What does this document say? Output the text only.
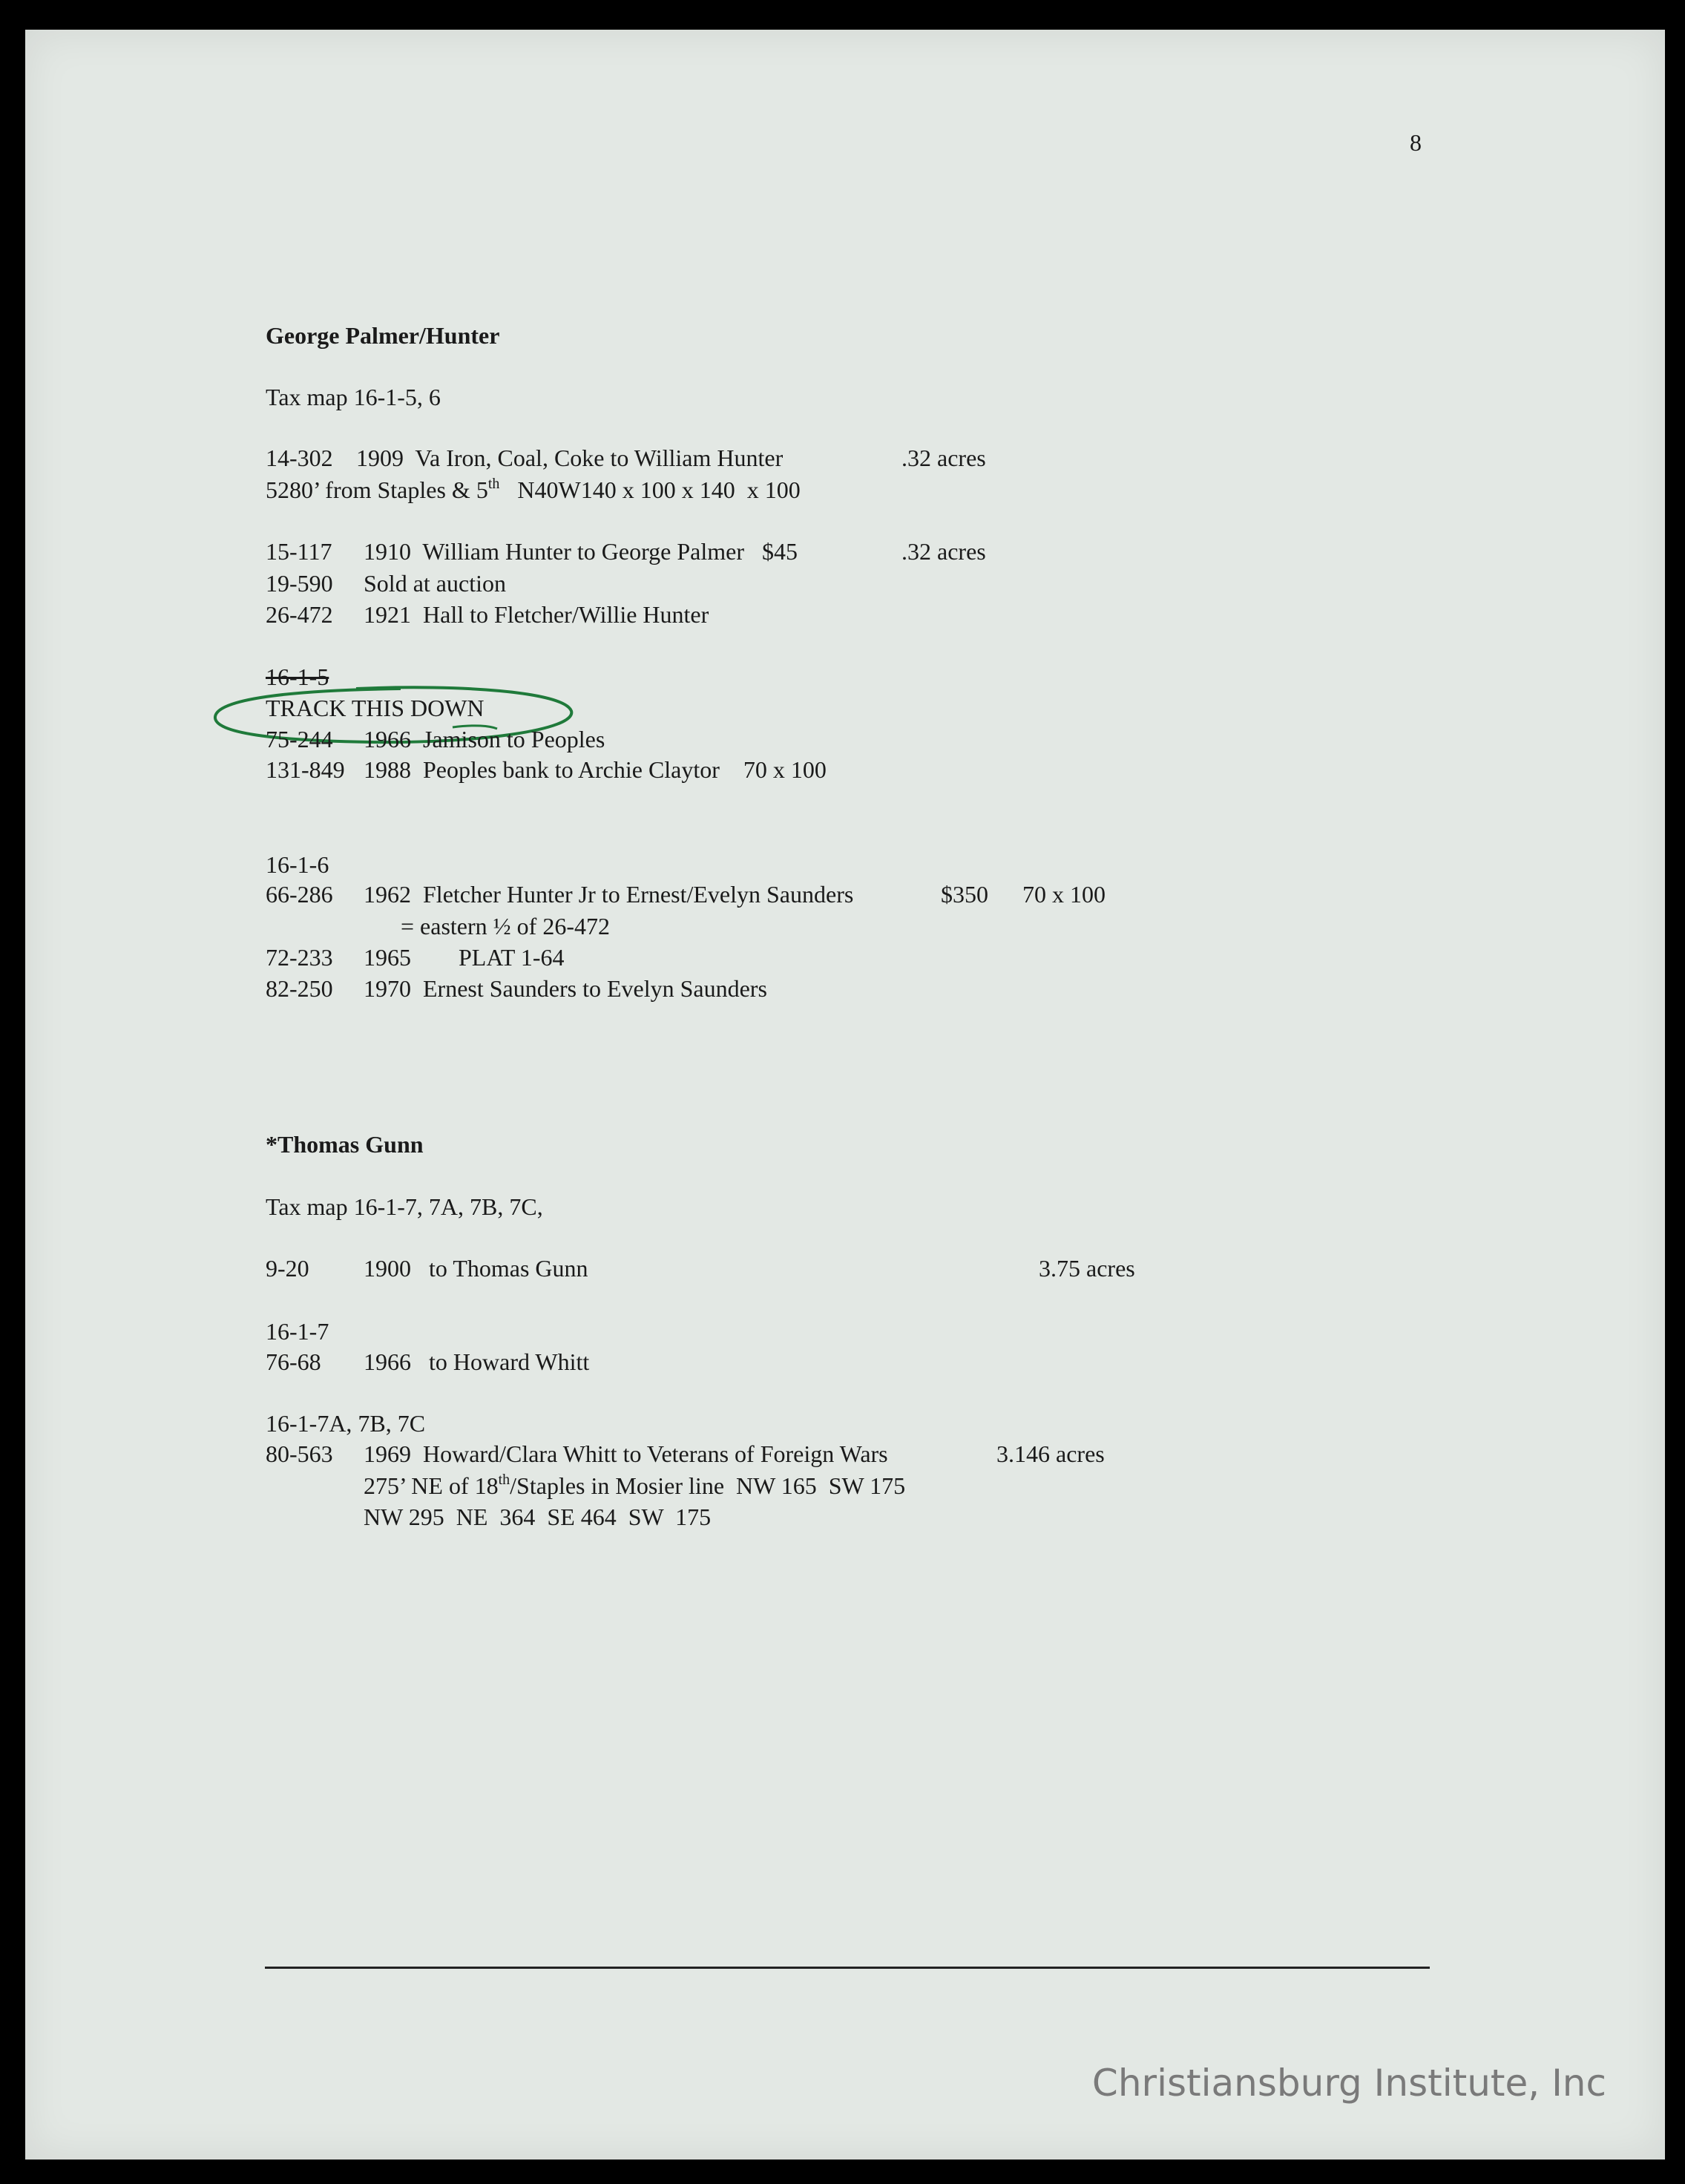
8
George Palmer/Hunter
Tax map 16-1-5, 6
14-302 1909  Va Iron, Coal, Coke to William Hunter	.32 acres
5280’ from Staples & 5th   N40W140 x 100 x 140  x 100
15-117 1910  William Hunter to George Palmer   $45	.32 acres
19-590 Sold at auction
26-472 1921  Hall to Fletcher/Willie Hunter
16-1-5
TRACK THIS DOWN
75-244 1966  Jamison to Peoples
131-849 1988  Peoples bank to Archie Claytor    70 x 100
16-1-6
66-286 1962  Fletcher Hunter Jr to Ernest/Evelyn Saunders	$350 70 x 100
= eastern ½ of 26-472
72-233 1965        PLAT 1-64
82-250 1970  Ernest Saunders to Evelyn Saunders
*Thomas Gunn
Tax map 16-1-7, 7A, 7B, 7C,
9-20 1900   to Thomas Gunn	3.75 acres
16-1-7
76-68 1966   to Howard Whitt
16-1-7A, 7B, 7C
80-563 1969  Howard/Clara Whitt to Veterans of Foreign Wars	3.146 acres
275’ NE of 18th/Staples in Mosier line  NW 165  SW 175
NW 295  NE  364  SE 464  SW  175
Christiansburg Institute, Inc
